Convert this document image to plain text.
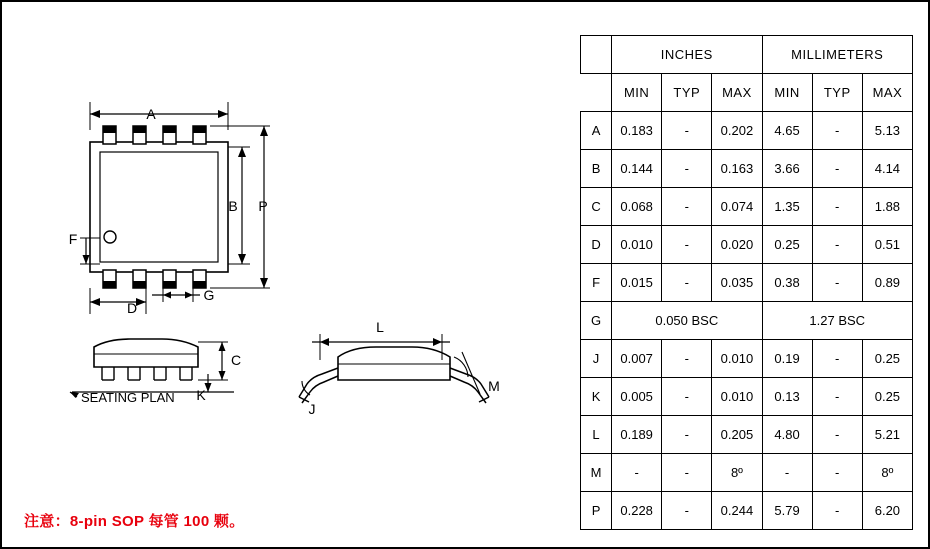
A
B P
F
D
G
C
K
L
J
M
SEATING PLAN
注意：8-pin SOP 每管 100 颗。
	INCHES			MILLIMETERS		
	MIN	TYP	MAX	MIN	TYP	MAX
A	0.183	-	0.202	4.65	-	5.13
B	0.144	-	0.163	3.66	-	4.14
C	0.068	-	0.074	1.35	-	1.88
D	0.010	-	0.020	0.25	-	0.51
F	0.015	-	0.035	0.38	-	0.89
G	0.050 BSC			1.27 BSC		
J	0.007	-	0.010	0.19	-	0.25
K	0.005	-	0.010	0.13	-	0.25
L	0.189	-	0.205	4.80	-	5.21
M	-	-	8º	-	-	8º
P	0.228	-	0.244	5.79	-	6.20
